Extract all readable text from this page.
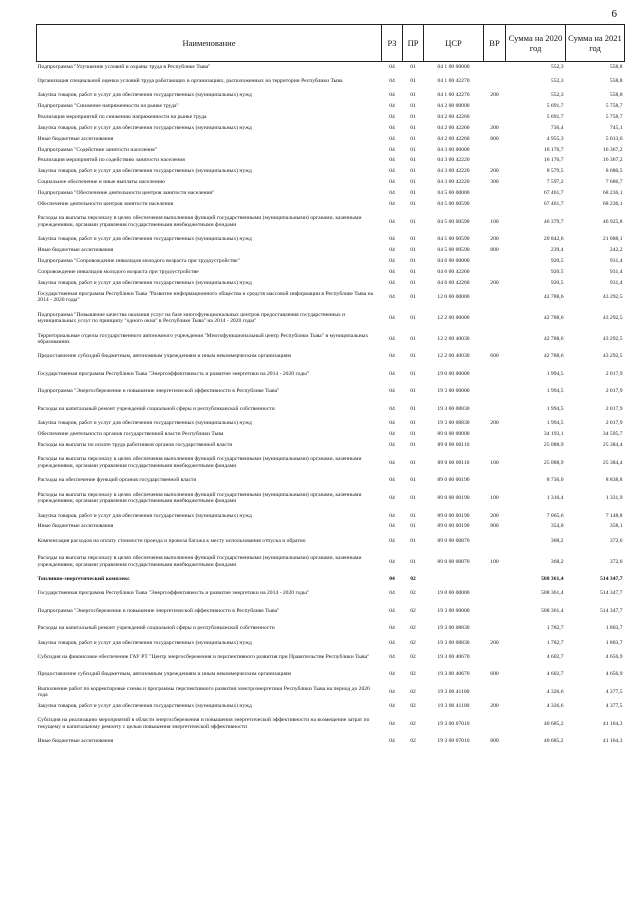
6
Наименование	РЗ	ПР	ЦСР	ВР	Сумма на 2020 год	Сумма на 2021 год
Подпрограмма "Улучшение условий и охраны труда в Республике Тыва"	04	01	04 1 00 00000		552,3	558,8
Организация специальной оценки условий труда работающих в организациях, расположенных на территории Республики Тыва	04	01	04 1 00 42270		552,3	558,8
Закупка товаров, работ и услуг для обеспечения государственных (муниципальных) нужд	04	01	04 1 00 42270	200	552,3	558,8
Подпрограмма "Снижение напряженности на рынке труда"	04	01	04 2 00 00000		5 691,7	5 758,7
Реализация мероприятий по снижению напряженности на рынке труда	04	01	04 2 00 42260		5 691,7	5 758,7
Закупка товаров, работ и услуг для обеспечения государственных (муниципальных) нужд	04	01	04 2 00 42260	200	736,4	745,1
Иные бюджетные ассигнования	04	01	04 2 00 42260	800	4 955,3	5 013,6
Подпрограмма "Содействие занятости населения"	04	01	04 3 00 00000		16 176,7	16 367,2
Реализация мероприятий по содействию занятости населения	04	01	04 3 00 42220		16 176,7	16 367,2
Закупка товаров, работ и услуг для обеспечения государственных (муниципальных) нужд	04	01	04 3 00 42220	200	8 579,5	8 680,5
Социальное обеспечение и иные выплаты населению	04	01	04 3 00 42220	300	7 597,2	7 686,7
Подпрограмма "Обеспечение деятельности центров занятости населения"	04	01	04 5 00 00000		67 461,7	68 236,1
Обеспечение деятельности центров занятости населения	04	01	04 5 00 00590		67 461,7	68 236,1
Расходы на выплаты персоналу в целях обеспечения выполнения функций государственными (муниципальными) органами, казенными учреждениями, органами управления государственными внебюджетными фондами	04	01	04 5 00 00590	100	46 379,7	46 925,8
Закупка товаров, работ и услуг для обеспечения государственных (муниципальных) нужд	04	01	04 5 00 00590	200	20 842,6	21 088,1
Иные бюджетные ассигнования	04	01	04 5 00 00590	800	239,4	242,2
Подпрограмма "Сопровождение инвалидов молодого возраста при трудоустройстве"	04	01	04 6 00 00000		920,5	931,4
Сопровождение инвалидов молодого возраста при трудоустройстве	04	01	04 6 00 42260		920,5	931,4
Закупка товаров, работ и услуг для обеспечения государственных (муниципальных) нужд	04	01	04 6 00 42260	200	920,5	931,4
Государственная программа Республики Тыва "Развитие информационного общества и средств массовой информации в Республике Тыва на 2014 - 2020 годы"	04	01	12 0 00 00000		42 788,6	43 292,5
Подпрограмма "Повышение качества оказания услуг на базе многофункциональных центров предоставления государственных и муниципальных услуг по принципу "одного окна" в Республике Тыва" на 2014 - 2020 годы"	04	01	12 2 00 00000		42 788,6	43 292,5
Территориальные отделы государственного автономного учреждения "Многофункциональный центр Республики Тыва" в муниципальных образованиях	04	01	12 2 00 40030		42 788,6	43 292,5
Предоставление субсидий бюджетным, автономным учреждениям и иным некоммерческим организациям	04	01	12 2 00 40030	600	42 788,6	43 292,5
Государственная программа Республики Тыва "Энергоэффективность и развитие энергетики на 2014 - 2020 годы"	04	01	19 0 00 00000		1 994,5	2 017,9
Подпрограмма "Энергосбережение и повышение энергетической эффективности в Республике Тыва"	04	01	19 3 00 00000		1 994,5	2 017,9
Расходы на капитальный ремонт учреждений социальной сферы и республиканской собственности	04	01	19 3 00 08830		1 994,5	2 017,9
Закупка товаров, работ и услуг для обеспечения государственных (муниципальных) нужд	04	01	19 3 00 08830	200	1 994,5	2 017,9
Обеспечение деятельности органов государственной власти Республики Тыва	04	01	89 0 00 00000		34 193,1	34 595,7
Расходы на выплаты по оплате труда работников органов государственной власти	04	01	89 0 00 00110		25 088,9	25 384,4
Расходы на выплаты персоналу в целях обеспечения выполнения функций государственными (муниципальными) органами, казенными учреждениями, органами управления государственными внебюджетными фондами	04	01	89 0 00 00110	100	25 088,9	25 384,4
Расходы на обеспечение функций органов государственной власти	04	01	89 0 00 00190		8 736,0	8 838,8
Расходы на выплаты персоналу в целях обеспечения выполнения функций государственными (муниципальными) органами, казенными учреждениями, органами управления государственными внебюджетными фондами	04	01	89 0 00 00190	100	1 316,4	1 331,9
Закупка товаров, работ и услуг для обеспечения государственных (муниципальных) нужд	04	01	89 0 00 00190	200	7 065,6	7 148,8
Иные бюджетные ассигнования	04	01	89 0 00 00190	800	354,0	358,1
Компенсация расходов на оплату стоимости проезда и провоза багажа к месту использования отпуска и обратно	04	01	89 0 00 00870		368,2	372,6
Расходы на выплаты персоналу в целях обеспечения выполнения функций государственными (муниципальными) органами, казенными учреждениями, органами управления государственными внебюджетными фондами	04	01	89 0 00 00870	100	368,2	372,6
Топливно-энергетический комплекс	04	02			508 361,4	514 347,7
Государственная программа Республики Тыва "Энергоэффективность и развитие энергетики на 2014 - 2020 годы"	04	02	19 0 00 00000		508 361,4	514 347,7
Подпрограмма "Энергосбережение и повышение энергетической эффективности в Республике Тыва"	04	02	19 3 00 00000		508 361,4	514 347,7
Расходы на капитальный ремонт учреждений социальной сферы и республиканской собственности	04	02	19 3 00 08830		1 782,7	1 803,7
Закупка товаров, работ и услуг для обеспечения государственных (муниципальных) нужд	04	02	19 3 00 08830	200	1 782,7	1 803,7
Субсидия на финансовое обеспечение ГАУ РТ "Центр энергосбережения и перспективного развития при Правительстве Республики Тыва"	04	02	19 3 00 40670		4 602,7	4 656,9
Предоставление субсидий бюджетным, автономным учреждениям и иным некоммерческим организациям	04	02	19 3 00 40670	600	4 602,7	4 656,9
Выполнение работ по корректировке схемы и программы перспективного развития электроэнергетики Республики Тыва на период до 2020 года	04	02	19 3 00 41100		4 326,6	4 377,5
Закупка товаров, работ и услуг для обеспечения государственных (муниципальных) нужд	04	02	19 3 00 41100	200	4 326,6	4 377,5
Субсидия на реализацию мероприятий в области энергосбережения и повышения энергетической эффективности на возмещение затрат по текущему и капитальному ремонту с целью повышения энергетической эффективности	04	02	19 3 00 67010		40 685,2	41 164,3
Иные бюджетные ассигнования	04	02	19 3 00 67010	800	40 685,2	41 164,3
